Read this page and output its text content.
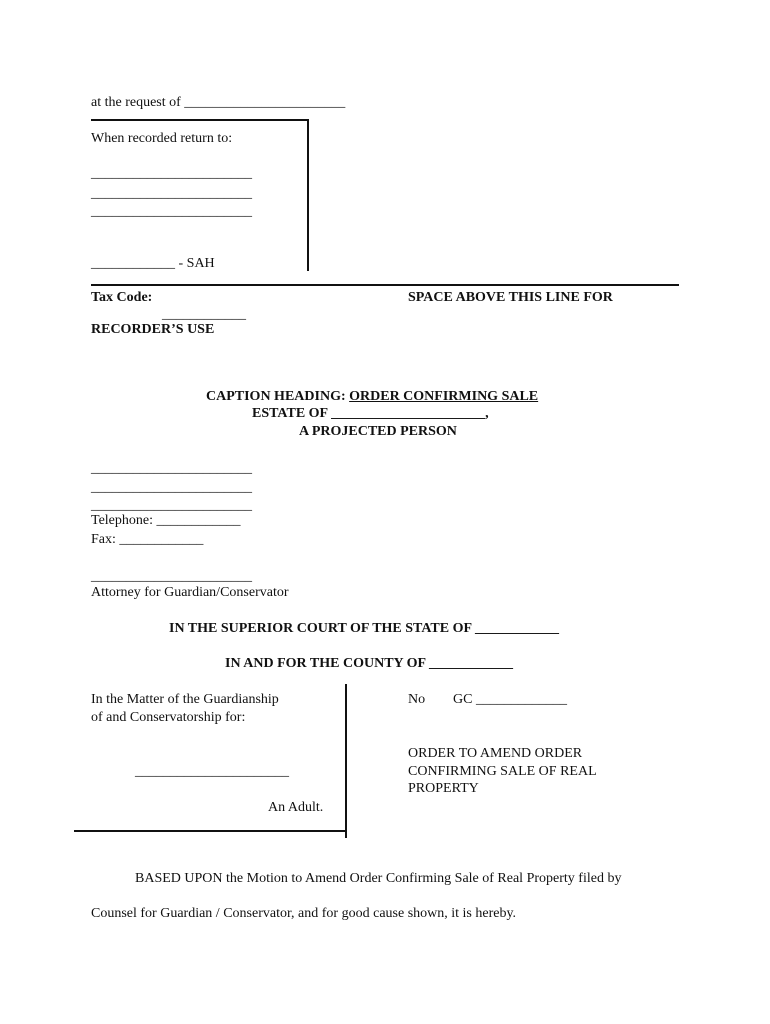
at the request of _______________________
When recorded return to:
_______________________
_______________________
_______________________
____________ - SAH
Tax Code:
____________
SPACE ABOVE THIS LINE FOR
RECORDER’S USE
CAPTION HEADING: ORDER CONFIRMING SALE
ESTATE OF ______________________,
A PROJECTED PERSON
_______________________
_______________________
_______________________
Telephone: ____________
Fax: ____________
_______________________
Attorney for Guardian/Conservator
IN THE SUPERIOR COURT OF THE STATE OF ____________
IN AND FOR THE COUNTY OF ____________
In the Matter of the Guardianship
of and Conservatorship for:
______________________
An Adult.
No GC _____________
ORDER TO AMEND ORDER
CONFIRMING SALE OF REAL
PROPERTY
BASED UPON the Motion to Amend Order Confirming Sale of Real Property filed by
Counsel for Guardian / Conservator, and for good cause shown, it is hereby.
